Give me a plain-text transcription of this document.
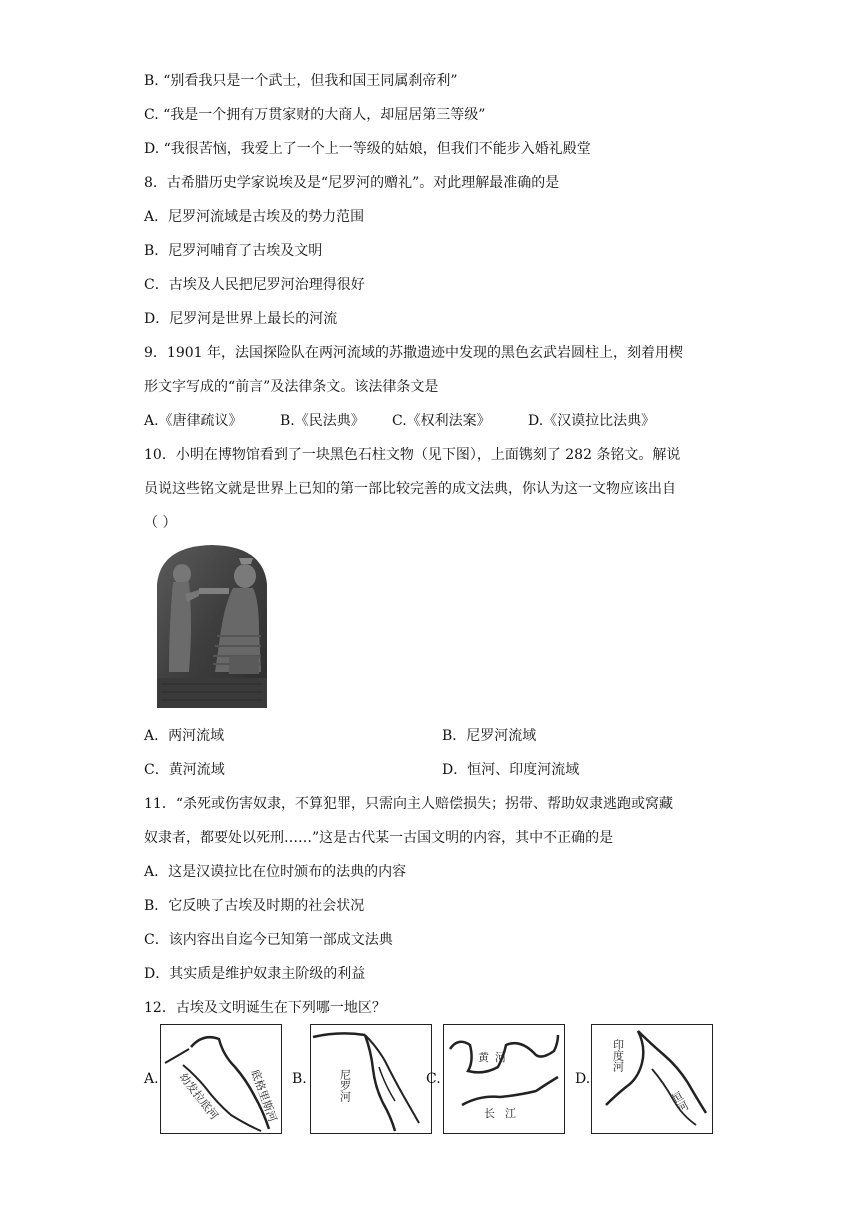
B. “别看我只是一个武士，但我和国王同属刹帝利”
C. “我是一个拥有万贯家财的大商人，却屈居第三等级”
D. “我很苦恼，我爱上了一个上一等级的姑娘，但我们不能步入婚礼殿堂
8．古希腊历史学家说埃及是“尼罗河的赠礼”。对此理解最准确的是
A．尼罗河流域是古埃及的势力范围
B．尼罗河哺育了古埃及文明
C．古埃及人民把尼罗河治理得很好
D．尼罗河是世界上最长的河流
9．1901 年，法国探险队在两河流域的苏撒遗迹中发现的黑色玄武岩圆柱上，刻着用楔
形文字写成的“前言”及法律条文。该法律条文是
A.《唐律疏议》	B.《民法典》 C.《权利法案》	D.《汉谟拉比法典》
10．小明在博物馆看到了一块黑色石柱文物（见下图），上面镌刻了 282 条铭文。解说
员说这些铭文就是世界上已知的第一部比较完善的成文法典，你认为这一文物应该出自
（ ）
A．两河流域	B．尼罗河流域
C．黄河流域	D．恒河、印度河流域
11．“杀死或伤害奴隶，不算犯罪，只需向主人赔偿损失；拐带、帮助奴隶逃跑或窝藏
奴隶者，都要处以死刑……”这是古代某一古国文明的内容，其中不正确的是
A．这是汉谟拉比在位时颁布的法典的内容
B．它反映了古埃及时期的社会状况
C．该内容出自迄今已知第一部成文法典
D．其实质是维护奴隶主阶级的利益
12．古埃及文明诞生在下列哪一地区？
A.	底格里斯河
幼发拉底河	B.	尼罗河	C.
黄河
长江
D.
印度河
恒河
